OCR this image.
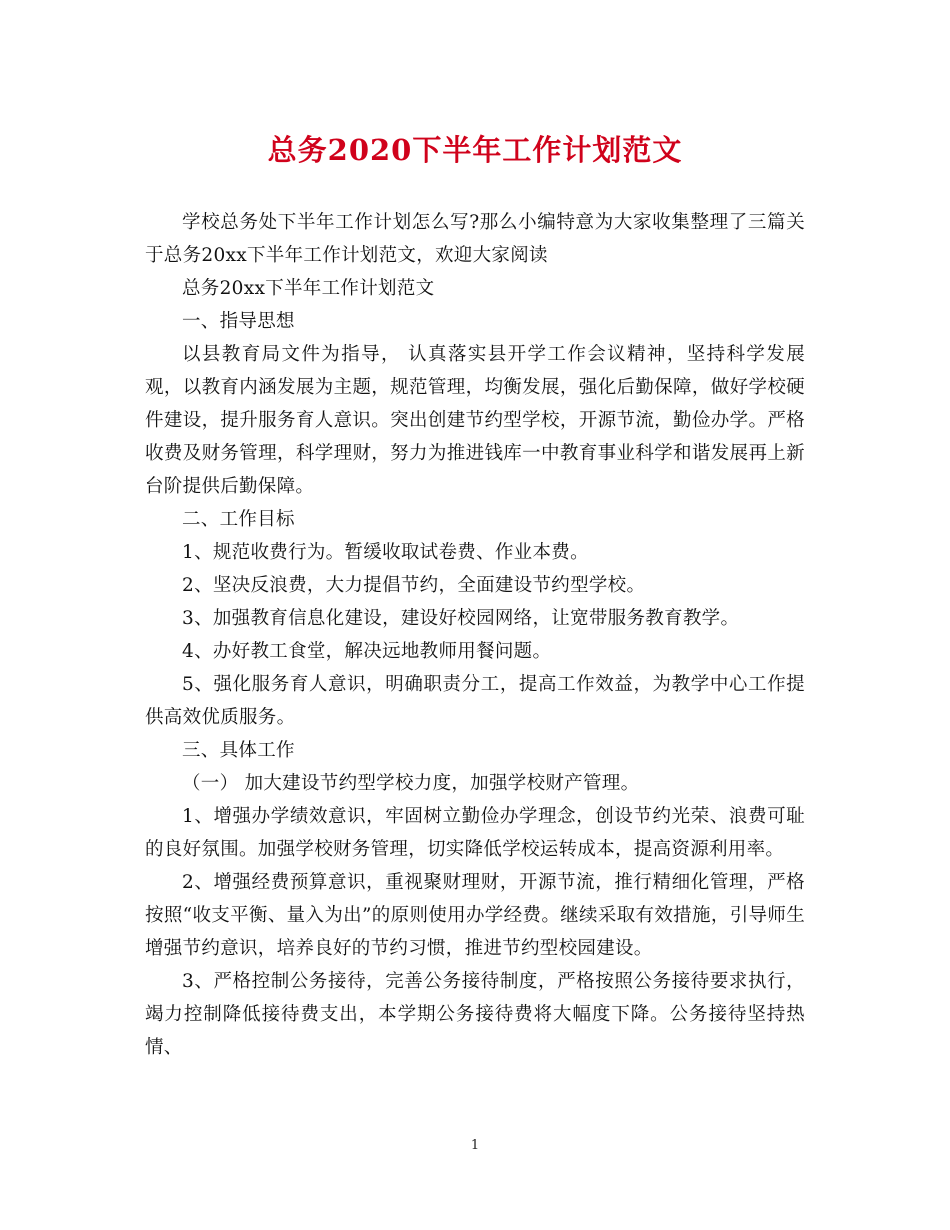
总务2020下半年工作计划范文

学校总务处下半年工作计划怎么写?那么小编特意为大家收集整理了三篇关于总务20xx下半年工作计划范文，欢迎大家阅读

总务20xx下半年工作计划范文

一、指导思想

以县教育局文件为指导， 认真落实县开学工作会议精神，坚持科学发展观，以教育内涵发展为主题，规范管理，均衡发展，强化后勤保障，做好学校硬件建设，提升服务育人意识。突出创建节约型学校，开源节流，勤俭办学。严格收费及财务管理，科学理财，努力为推进钱库一中教育事业科学和谐发展再上新台阶提供后勤保障。

二、工作目标

1、规范收费行为。暂缓收取试卷费、作业本费。

2、坚决反浪费，大力提倡节约，全面建设节约型学校。

3、加强教育信息化建设，建设好校园网络，让宽带服务教育教学。

4、办好教工食堂，解决远地教师用餐问题。

5、强化服务育人意识，明确职责分工，提高工作效益，为教学中心工作提供高效优质服务。

三、具体工作

（一） 加大建设节约型学校力度，加强学校财产管理。

1、增强办学绩效意识，牢固树立勤俭办学理念，创设节约光荣、浪费可耻的良好氛围。加强学校财务管理，切实降低学校运转成本，提高资源利用率。

2、增强经费预算意识，重视聚财理财，开源节流，推行精细化管理，严格按照“收支平衡、量入为出”的原则使用办学经费。继续采取有效措施，引导师生增强节约意识，培养良好的节约习惯，推进节约型校园建设。

3、严格控制公务接待，完善公务接待制度，严格按照公务接待要求执行，竭力控制降低接待费支出，本学期公务接待费将大幅度下降。公务接待坚持热情、

1
